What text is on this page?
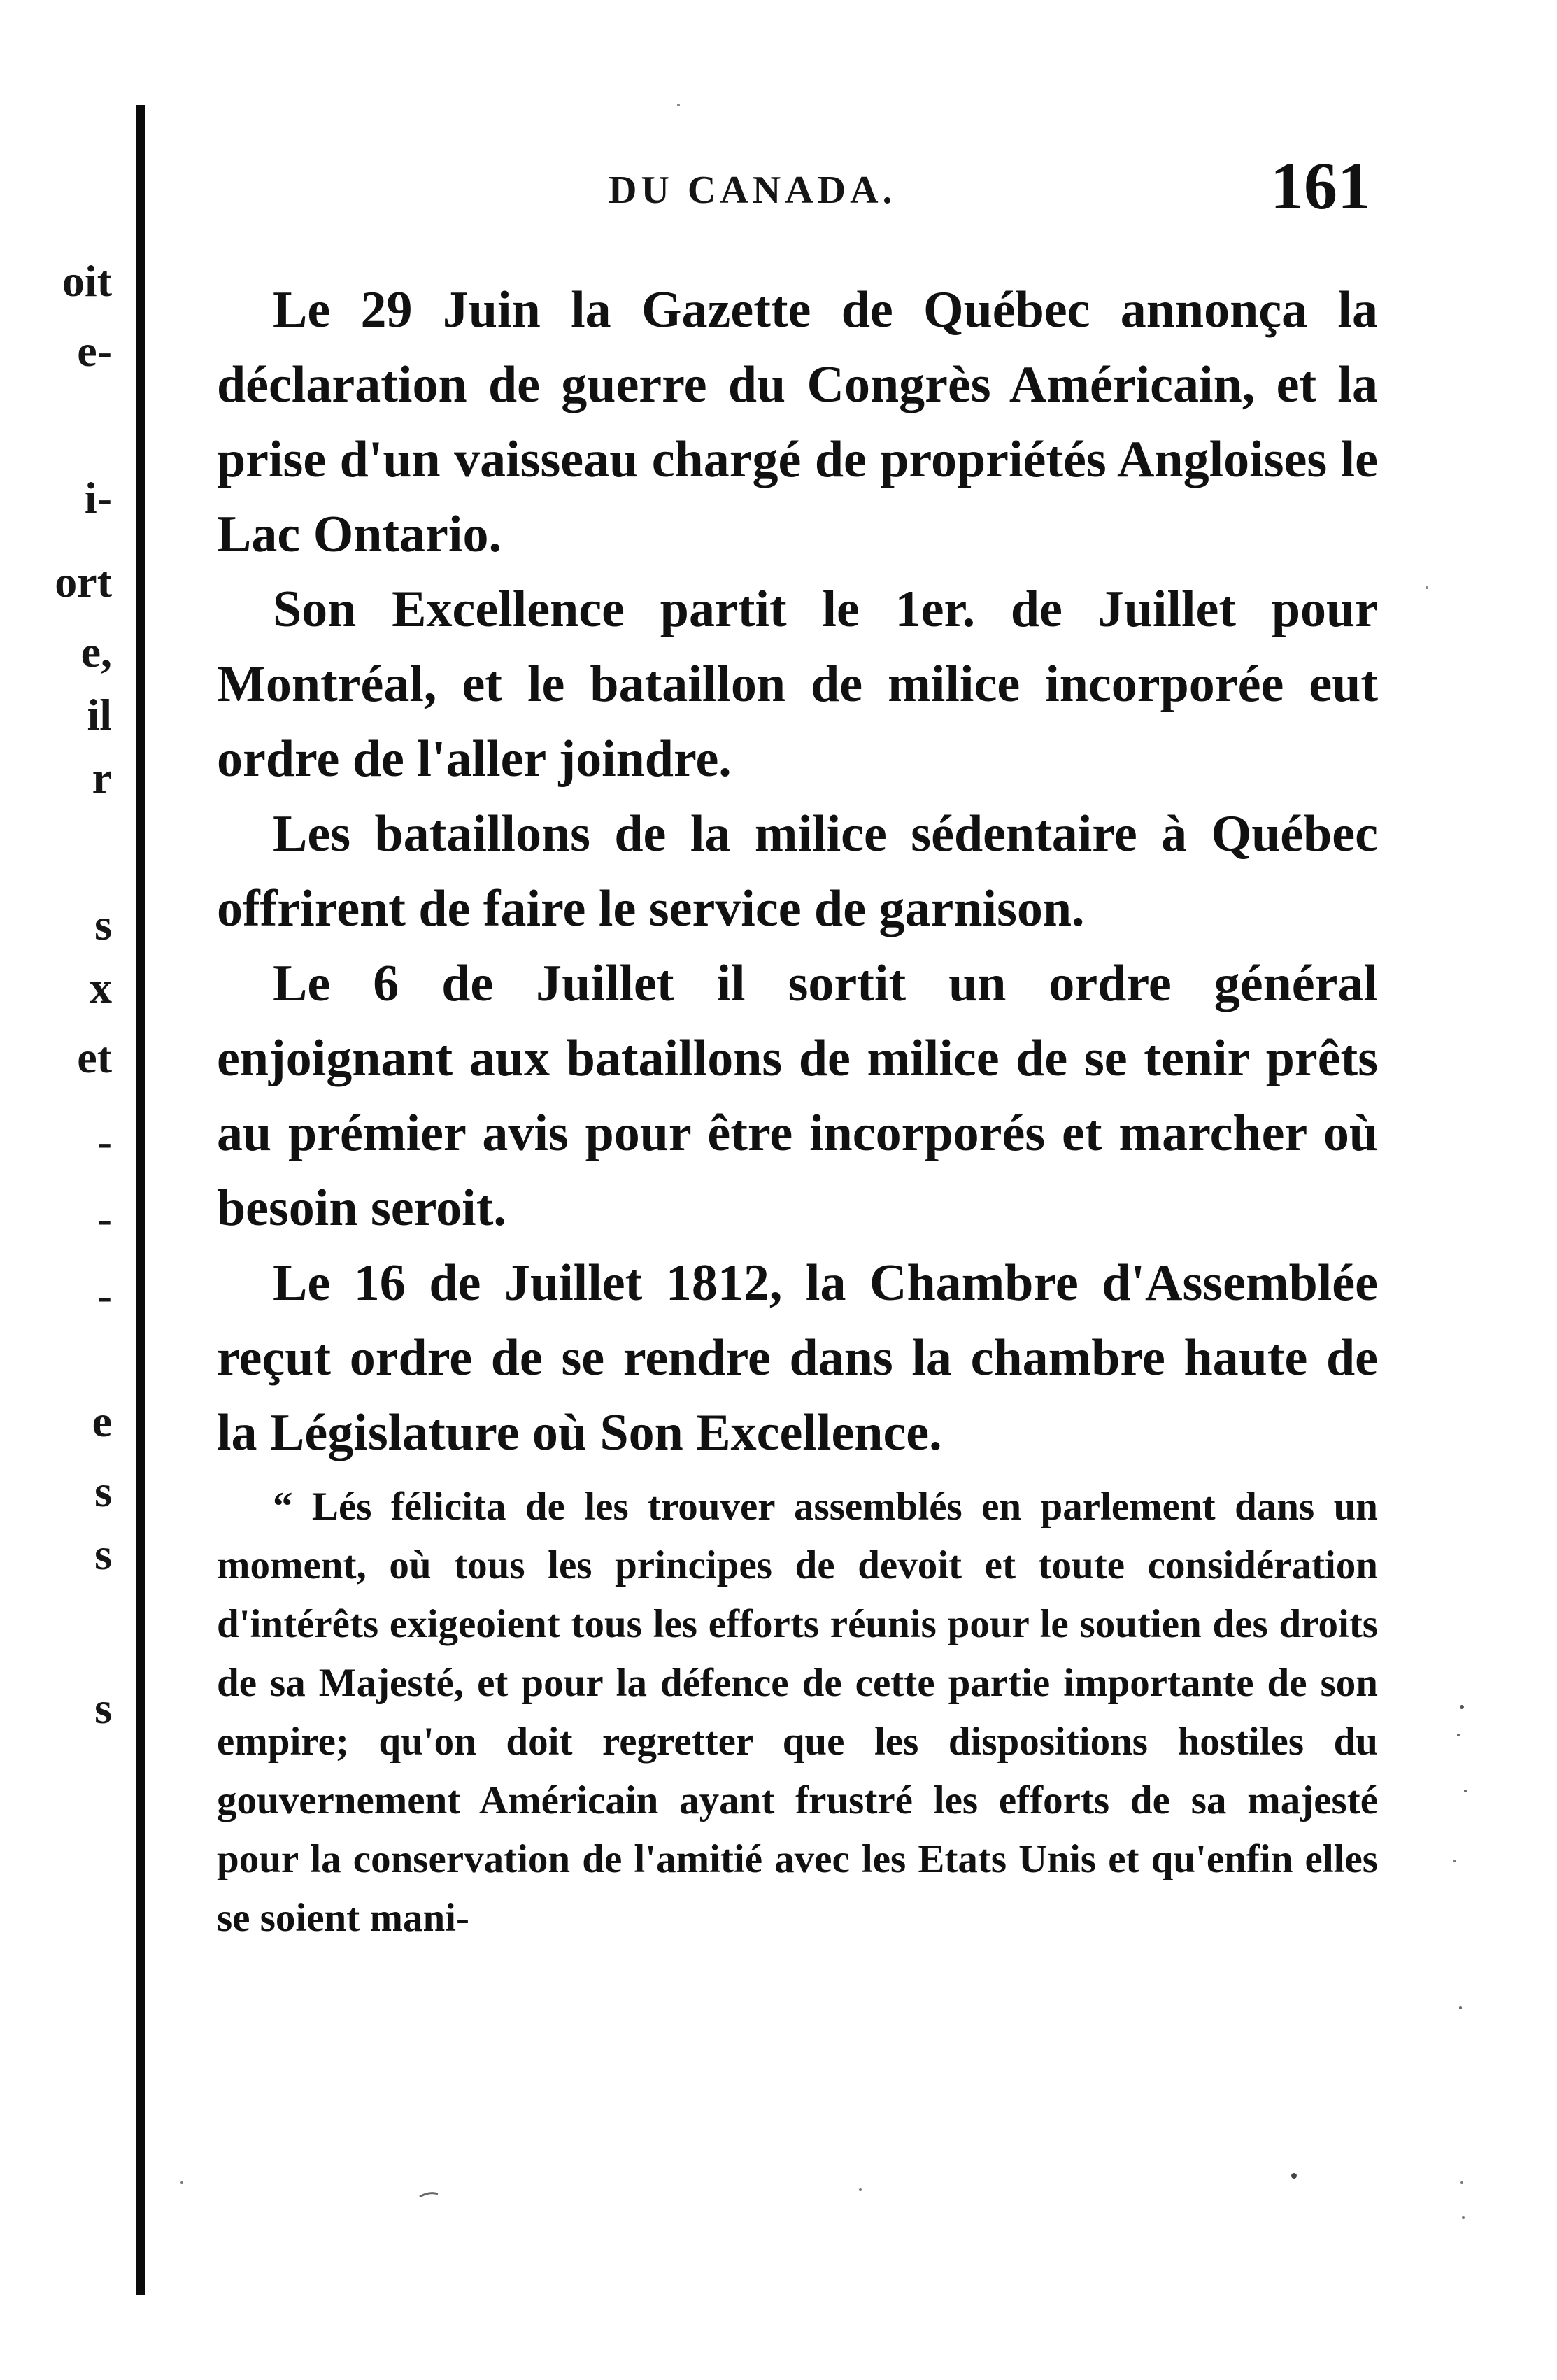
oit
e-
i-
ort
e,
il
r
s
x
et
-
-
-
e
s
s
s
DU CANADA.	161

Le 29 Juin la Gazette de Québec annonça la déclaration de guerre du Congrès Américain, et la prise d'un vaisseau chargé de propriétés Angloises le Lac Ontario.

Son Excellence partit le 1er. de Juillet pour Montréal, et le bataillon de milice incorporée eut ordre de l'aller joindre.

Les bataillons de la milice sédentaire à Québec offrirent de faire le service de garnison.

Le 6 de Juillet il sortit un ordre général enjoignant aux bataillons de milice de se tenir prêts au prémier avis pour être incorporés et marcher où besoin seroit.

Le 16 de Juillet 1812, la Chambre d'Assemblée reçut ordre de se rendre dans la chambre haute de la Législature où Son Excellence.

“ Lés félicita de les trouver assemblés en parlement dans un moment, où tous les principes de devoit et toute considération d'intérêts exigeoient tous les efforts réunis pour le soutien des droits de sa Majesté, et pour la défence de cette partie importante de son empire; qu'on doit regretter que les dispositions hostiles du gouvernement Américain ayant frustré les efforts de sa majesté pour la conservation de l'amitié avec les Etats Unis et qu'enfin elles se soient mani-
